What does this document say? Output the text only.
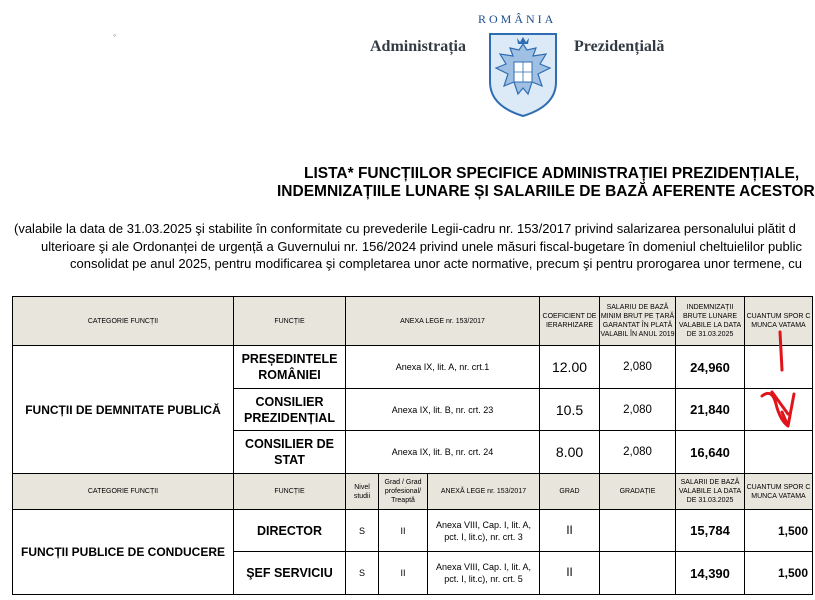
ROMÂNIA
Administrația	Prezidențială
◦
LISTA* FUNCȚIILOR SPECIFICE ADMINISTRAȚIEI PREZIDENȚIALE,
INDEMNIZAȚIILE LUNARE ȘI SALARIILE DE BAZĂ AFERENTE ACESTOR
(valabile la data de 31.03.2025 şi stabilite în conformitate cu prevederile Legii-cadru nr. 153/2017 privind salarizarea personalului plătit d
ulterioare şi ale Ordonanței de urgență a Guvernului nr. 156/2024 privind unele măsuri fiscal-bugetare în domeniul cheltuielilor public
consolidat pe anul 2025, pentru modificarea şi completarea unor acte normative, precum şi pentru prorogarea unor termene, cu
CATEGORIE FUNCȚII	FUNCȚIE	ANEXA LEGE nr. 153/2017			COEFICIENT DE IERARHIZARE	SALARIU DE BAZĂ MINIM BRUT PE ȚARĂ GARANTAT ÎN PLATĂ VALABIL ÎN ANUL 2019	INDEMNIZAȚII BRUTE LUNARE VALABILE LA DATA DE 31.03.2025	CUANTUM SPOR C MUNCA VATAMA
FUNCȚII DE DEMNITATE PUBLICĂ	PREȘEDINTELE ROMÂNIEI	Anexa IX, lit. A, nr. crt.1			12.00	2,080	24,960	
	CONSILIER PREZIDENȚIAL	Anexa IX, lit. B, nr. crt. 23			10.5	2,080	21,840	
	CONSILIER DE STAT	Anexa IX, lit. B, nr. crt. 24			8.00	2,080	16,640	
CATEGORIE FUNCȚII	FUNCȚIE	Nivel studii	Grad / Grad profesional/ Treaptă	ANEXĂ LEGE nr. 153/2017	GRAD	GRADAȚIE	SALARII DE BAZĂ VALABILE LA DATA DE 31.03.2025	CUANTUM SPOR C MUNCA VATAMA
FUNCȚII PUBLICE DE CONDUCERE	DIRECTOR	S	II	Anexa VIII, Cap. I, lit. A, pct. I, lit.c), nr. crt. 3	II		15,784	1,500
	ŞEF SERVICIU	S	II	Anexa VIII, Cap. I, lit. A, pct. I, lit.c), nr. crt. 5	II		14,390	1,500
